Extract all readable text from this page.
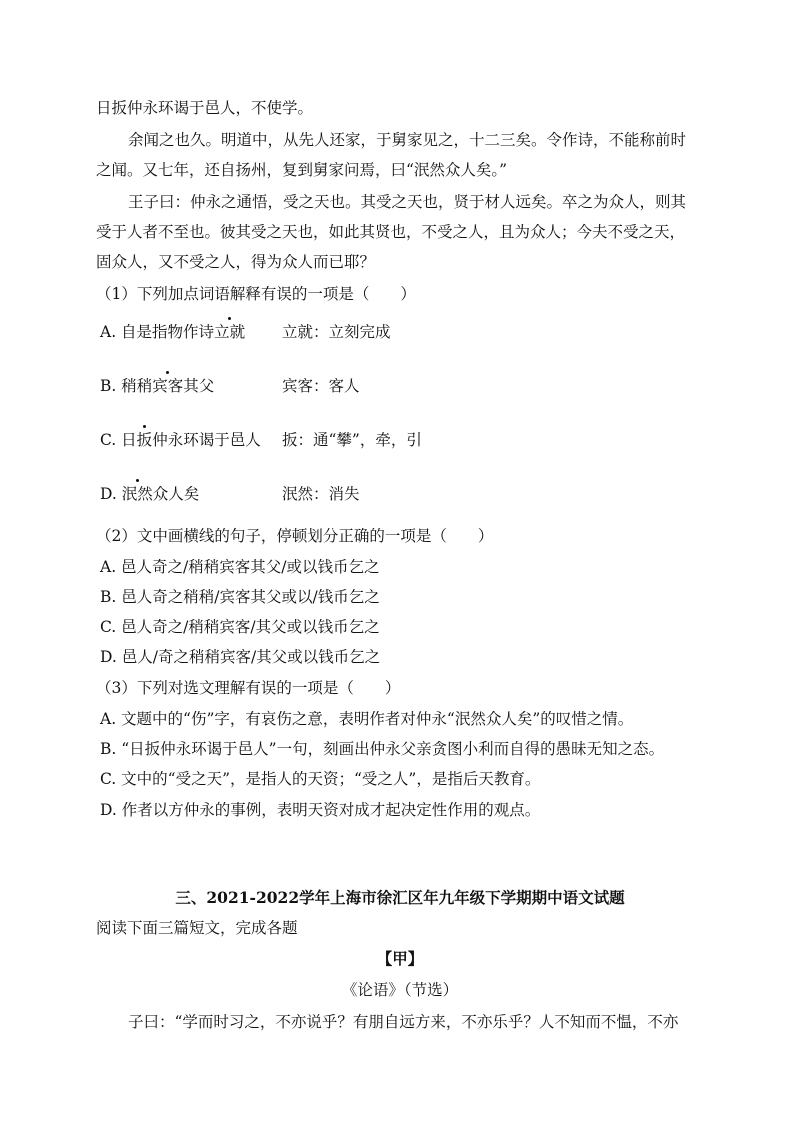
日扳仲永环谒于邑人，不使学。
余闻之也久。明道中，从先人还家，于舅家见之，十二三矣。令作诗，不能称前时
之闻。又七年，还自扬州，复到舅家问焉，曰“泯然众人矣。”
王子曰：仲永之通悟，受之天也。其受之天也，贤于材人远矣。卒之为众人，则其
受于人者不至也。彼其受之天也，如此其贤也，不受之人，且为众人；今夫不受之天，
固众人，又不受之人，得为众人而已耶？
（1）下列加点词语解释有误的一项是（　　）
A. 自是指物作诗立就 立就：立刻完成
B. 稍稍宾客其父	宾客：客人
C. 日扳仲永环谒于邑人 扳：通“攀”，牵，引
D. 泯然众人矣	泯然：消失
（2）文中画横线的句子，停顿划分正确的一项是（　　）
A. 邑人奇之/稍稍宾客其父/或以钱币乞之
B. 邑人奇之稍稍/宾客其父或以/钱币乞之
C. 邑人奇之/稍稍宾客/其父或以钱币乞之
D. 邑人/奇之稍稍宾客/其父或以钱币乞之
（3）下列对选文理解有误的一项是（　　）
A. 文题中的“伤”字，有哀伤之意，表明作者对仲永“泯然众人矣”的叹惜之情。
B. “日扳仲永环谒于邑人”一句，刻画出仲永父亲贪图小利而自得的愚昧无知之态。
C. 文中的“受之天”，是指人的天资；“受之人”，是指后天教育。
D. 作者以方仲永的事例，表明天资对成才起决定性作用的观点。
三、2021-2022学年上海市徐汇区年九年级下学期期中语文试题
阅读下面三篇短文，完成各题
【甲】
《论语》（节选）
子曰：“学而时习之，不亦说乎？有朋自远方来，不亦乐乎？人不知而不愠，不亦
